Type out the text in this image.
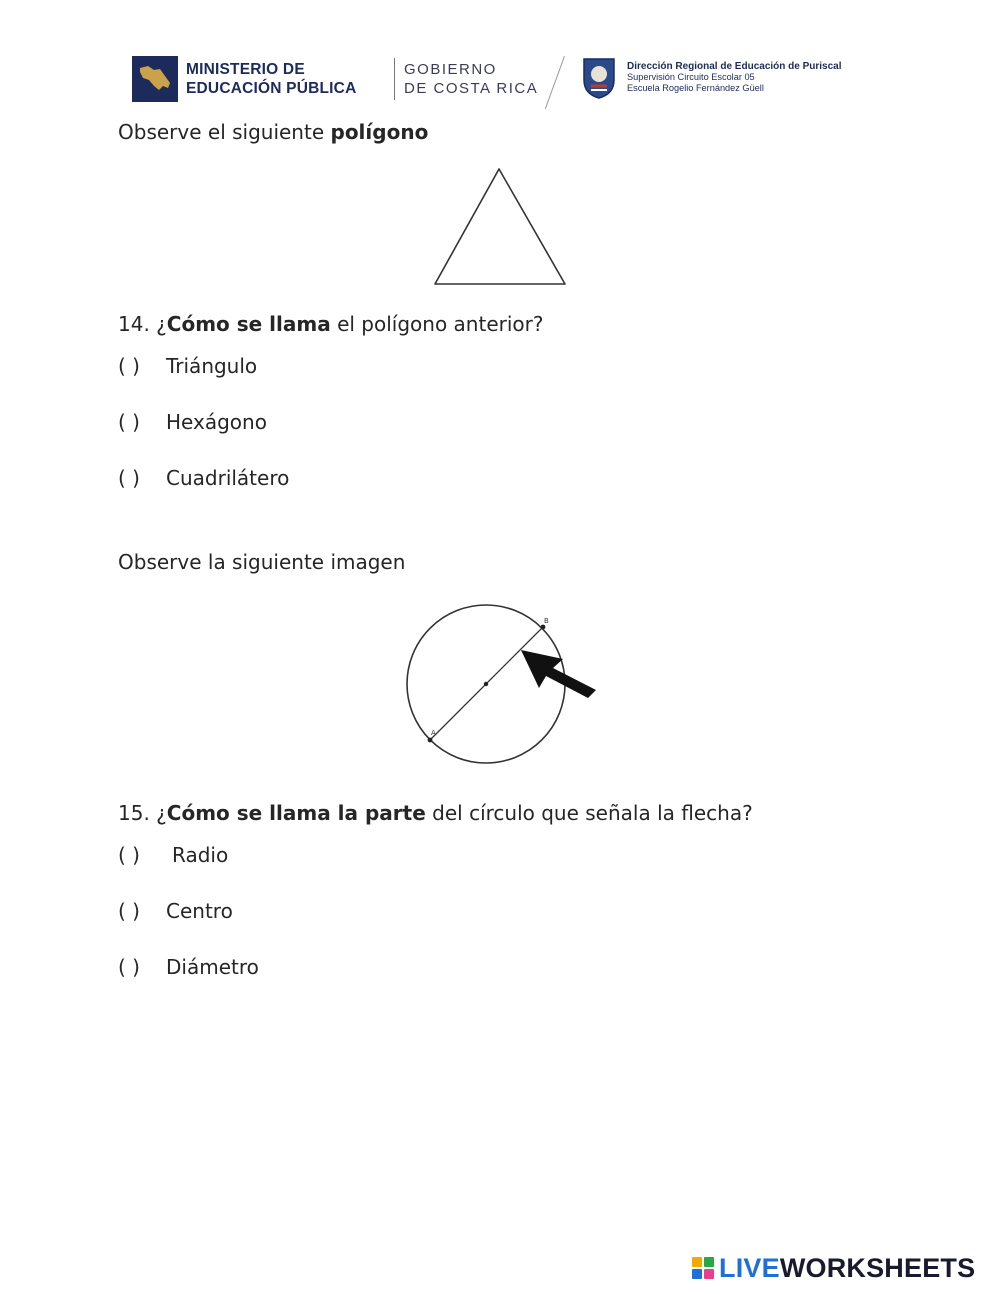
MINISTERIO DE
EDUCACIÓN PÚBLICA
GOBIERNO
DE COSTA RICA
Dirección Regional de Educación de Puriscal
Supervisión Circuito Escolar 05
Escuela Rogelio Fernández Güell
Observe el siguiente polígono
14. ¿Cómo se llama el polígono anterior?
( )	Triángulo
( )	Hexágono
( )	Cuadrilátero
Observe la siguiente imagen
A
B
15. ¿Cómo se llama la parte del círculo que señala la flecha?
( )	Radio
( )	Centro
( )	Diámetro
LIVEWORKSHEETS
